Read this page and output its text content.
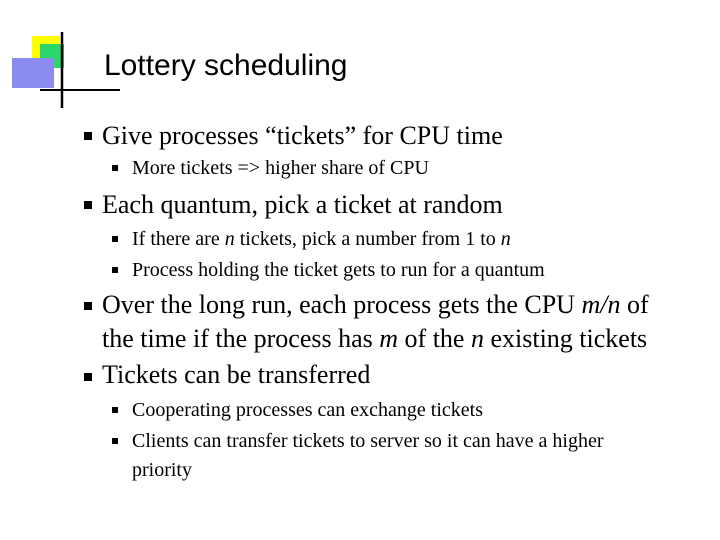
Lottery scheduling
Give processes “tickets” for CPU time
More tickets => higher share of CPU
Each quantum, pick a ticket at random
If there are n tickets, pick a number from 1 to n
Process holding the ticket gets to run for a quantum
Over the long run, each process gets the CPU m/n of
the time if the process has m of the n existing tickets
Tickets can be transferred
Cooperating processes can exchange tickets
Clients can transfer tickets to server so it can have a higher
priority
